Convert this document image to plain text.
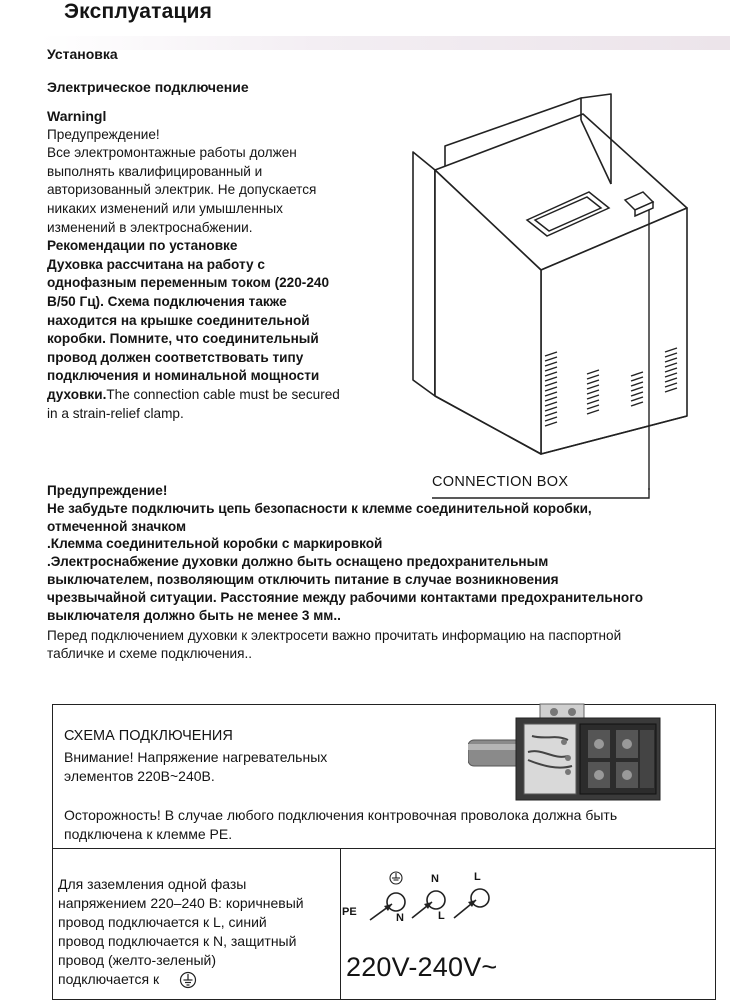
Эксплуатация
Установка
Электрическое подключение

Warningl

Предупреждение!

Все электромонтажные работы должен

выполнять квалифицированный и

авторизованный электрик. Не допускается

никаких изменений или умышленных

изменений в электроснабжении.

Рекомендации по установке

Духовка рассчитана на работу с

однофазным переменным током (220-240

В/50 Гц). Схема подключения также

находится на крышке соединительной

коробки. Помните, что соединительный

провод должен соответствовать типу

подключения и номинальной мощности

духовки.The connection cable must be secured

in a strain-relief clamp.

CONNECTION BOX

Предупреждение!

Не забудьте подключить цепь безопасности к клемме соединительной коробки,

отмеченной значком

.Клемма соединительной коробки с маркировкой

.Электроснабжение духовки должно быть оснащено предохранительным

выключателем, позволяющим отключить питание в случае возникновения

чрезвычайной ситуации. Расстояние между рабочими контактами предохранительного

выключателя должно быть не менее 3 мм..

Перед подключением духовки к электросети важно прочитать информацию на паспортной

табличке и схеме подключения..

СХЕМА ПОДКЛЮЧЕНИЯ
Внимание! Напряжение нагревательных
элементов 220В~240В.
Осторожность! В случае любого подключения контровочная проволока должна быть
подключена к клемме PE.
Для заземления одной фазы
напряжением 220–240 В: коричневый
провод подключается к L, синий
провод подключается к N, защитный
провод (желто-зеленый)
подключается к
PE
N	L
N	L
220V-240V~
